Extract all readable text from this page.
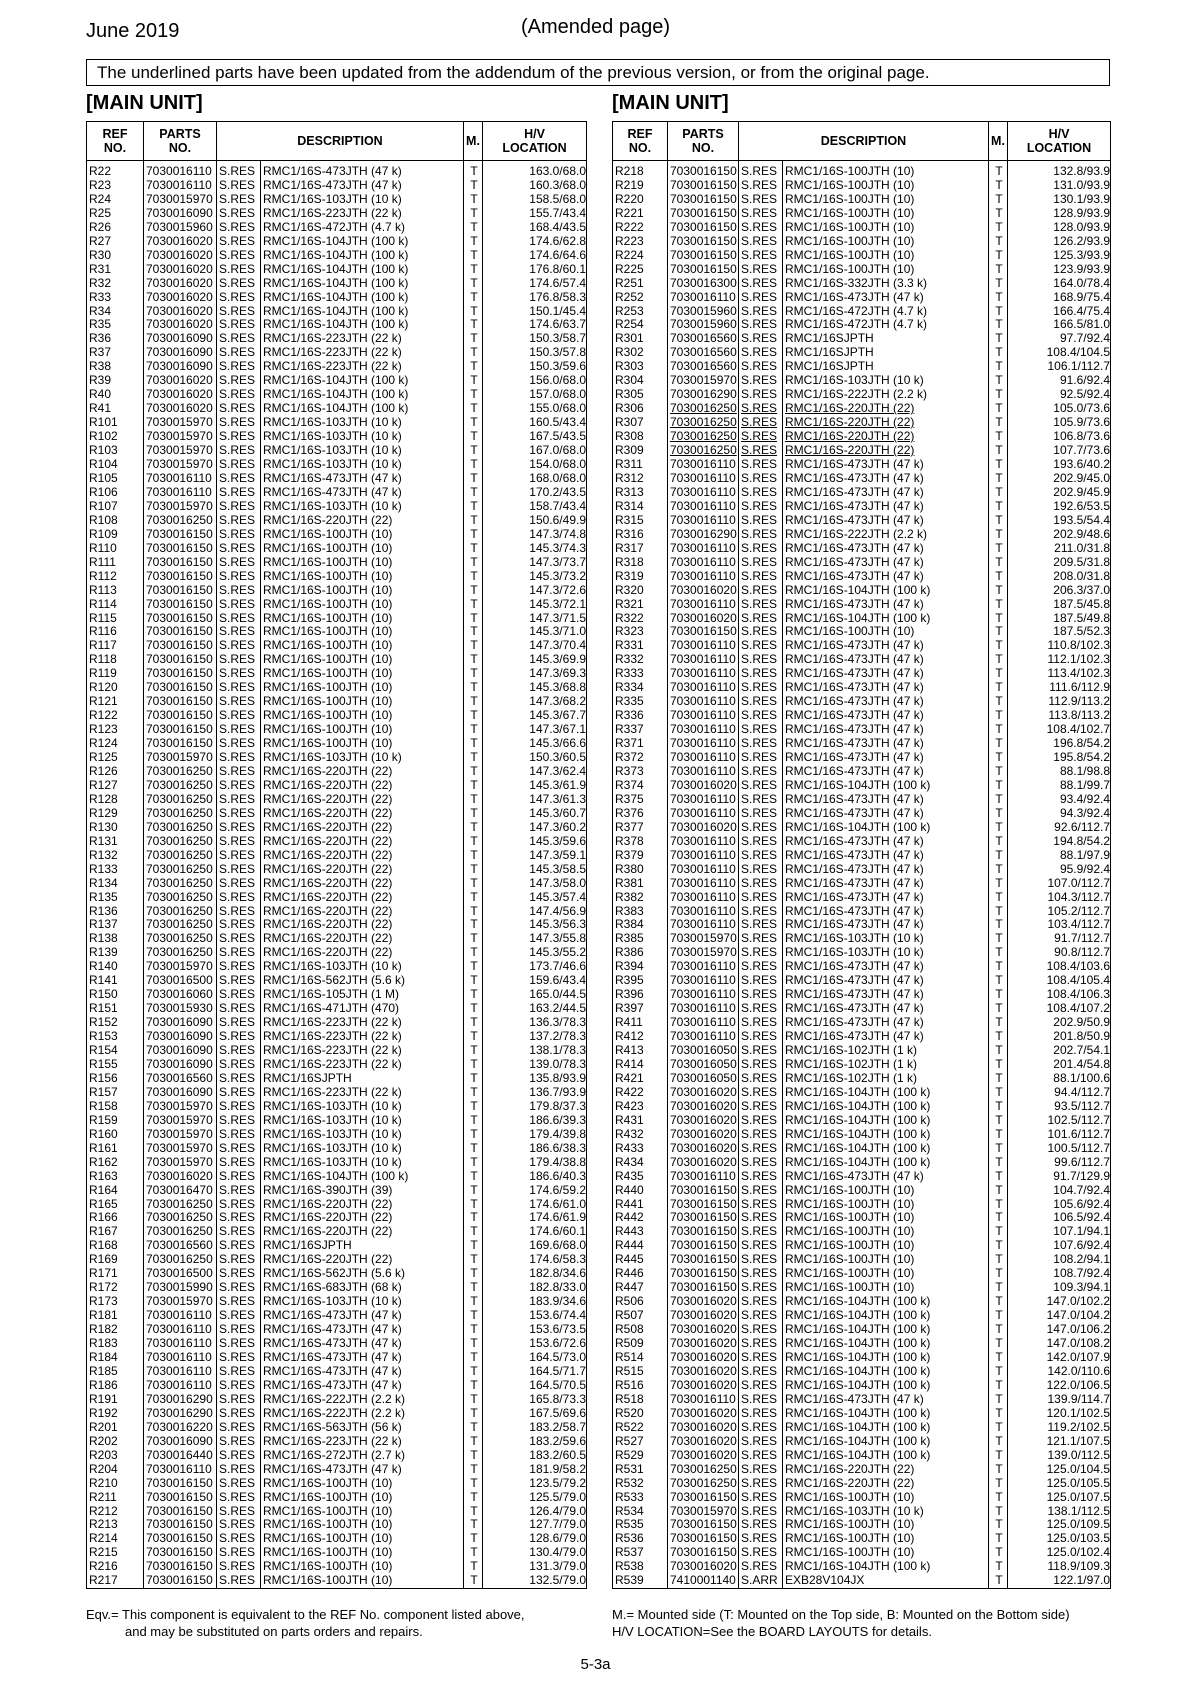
June 2019	(Amended page)
The underlined parts have been updated from the addendum of the previous version, or from the original page.
[MAIN UNIT]	[MAIN UNIT]
REF
NO.	PARTS
NO.	DESCRIPTION		M.	H/V
LOCATION
R22	7030016110	S.RES	RMC1/16S-473JTH (47 k)	T	163.0/68.0
R23	7030016110	S.RES	RMC1/16S-473JTH (47 k)	T	160.3/68.0
R24	7030015970	S.RES	RMC1/16S-103JTH (10 k)	T	158.5/68.0
R25	7030016090	S.RES	RMC1/16S-223JTH (22 k)	T	155.7/43.4
R26	7030015960	S.RES	RMC1/16S-472JTH (4.7 k)	T	168.4/43.5
R27	7030016020	S.RES	RMC1/16S-104JTH (100 k)	T	174.6/62.8
R30	7030016020	S.RES	RMC1/16S-104JTH (100 k)	T	174.6/64.6
R31	7030016020	S.RES	RMC1/16S-104JTH (100 k)	T	176.8/60.1
R32	7030016020	S.RES	RMC1/16S-104JTH (100 k)	T	174.6/57.4
R33	7030016020	S.RES	RMC1/16S-104JTH (100 k)	T	176.8/58.3
R34	7030016020	S.RES	RMC1/16S-104JTH (100 k)	T	150.1/45.4
R35	7030016020	S.RES	RMC1/16S-104JTH (100 k)	T	174.6/63.7
R36	7030016090	S.RES	RMC1/16S-223JTH (22 k)	T	150.3/58.7
R37	7030016090	S.RES	RMC1/16S-223JTH (22 k)	T	150.3/57.8
R38	7030016090	S.RES	RMC1/16S-223JTH (22 k)	T	150.3/59.6
R39	7030016020	S.RES	RMC1/16S-104JTH (100 k)	T	156.0/68.0
R40	7030016020	S.RES	RMC1/16S-104JTH (100 k)	T	157.0/68.0
R41	7030016020	S.RES	RMC1/16S-104JTH (100 k)	T	155.0/68.0
R101	7030015970	S.RES	RMC1/16S-103JTH (10 k)	T	160.5/43.4
R102	7030015970	S.RES	RMC1/16S-103JTH (10 k)	T	167.5/43.5
R103	7030015970	S.RES	RMC1/16S-103JTH (10 k)	T	167.0/68.0
R104	7030015970	S.RES	RMC1/16S-103JTH (10 k)	T	154.0/68.0
R105	7030016110	S.RES	RMC1/16S-473JTH (47 k)	T	168.0/68.0
R106	7030016110	S.RES	RMC1/16S-473JTH (47 k)	T	170.2/43.5
R107	7030015970	S.RES	RMC1/16S-103JTH (10 k)	T	158.7/43.4
R108	7030016250	S.RES	RMC1/16S-220JTH (22)	T	150.6/49.9
R109	7030016150	S.RES	RMC1/16S-100JTH (10)	T	147.3/74.8
R110	7030016150	S.RES	RMC1/16S-100JTH (10)	T	145.3/74.3
R111	7030016150	S.RES	RMC1/16S-100JTH (10)	T	147.3/73.7
R112	7030016150	S.RES	RMC1/16S-100JTH (10)	T	145.3/73.2
R113	7030016150	S.RES	RMC1/16S-100JTH (10)	T	147.3/72.6
R114	7030016150	S.RES	RMC1/16S-100JTH (10)	T	145.3/72.1
R115	7030016150	S.RES	RMC1/16S-100JTH (10)	T	147.3/71.5
R116	7030016150	S.RES	RMC1/16S-100JTH (10)	T	145.3/71.0
R117	7030016150	S.RES	RMC1/16S-100JTH (10)	T	147.3/70.4
R118	7030016150	S.RES	RMC1/16S-100JTH (10)	T	145.3/69.9
R119	7030016150	S.RES	RMC1/16S-100JTH (10)	T	147.3/69.3
R120	7030016150	S.RES	RMC1/16S-100JTH (10)	T	145.3/68.8
R121	7030016150	S.RES	RMC1/16S-100JTH (10)	T	147.3/68.2
R122	7030016150	S.RES	RMC1/16S-100JTH (10)	T	145.3/67.7
R123	7030016150	S.RES	RMC1/16S-100JTH (10)	T	147.3/67.1
R124	7030016150	S.RES	RMC1/16S-100JTH (10)	T	145.3/66.6
R125	7030015970	S.RES	RMC1/16S-103JTH (10 k)	T	150.3/60.5
R126	7030016250	S.RES	RMC1/16S-220JTH (22)	T	147.3/62.4
R127	7030016250	S.RES	RMC1/16S-220JTH (22)	T	145.3/61.9
R128	7030016250	S.RES	RMC1/16S-220JTH (22)	T	147.3/61.3
R129	7030016250	S.RES	RMC1/16S-220JTH (22)	T	145.3/60.7
R130	7030016250	S.RES	RMC1/16S-220JTH (22)	T	147.3/60.2
R131	7030016250	S.RES	RMC1/16S-220JTH (22)	T	145.3/59.6
R132	7030016250	S.RES	RMC1/16S-220JTH (22)	T	147.3/59.1
R133	7030016250	S.RES	RMC1/16S-220JTH (22)	T	145.3/58.5
R134	7030016250	S.RES	RMC1/16S-220JTH (22)	T	147.3/58.0
R135	7030016250	S.RES	RMC1/16S-220JTH (22)	T	145.3/57.4
R136	7030016250	S.RES	RMC1/16S-220JTH (22)	T	147.4/56.9
R137	7030016250	S.RES	RMC1/16S-220JTH (22)	T	145.3/56.3
R138	7030016250	S.RES	RMC1/16S-220JTH (22)	T	147.3/55.8
R139	7030016250	S.RES	RMC1/16S-220JTH (22)	T	145.3/55.2
R140	7030015970	S.RES	RMC1/16S-103JTH (10 k)	T	173.7/46.6
R141	7030016500	S.RES	RMC1/16S-562JTH (5.6 k)	T	159.6/43.4
R150	7030016060	S.RES	RMC1/16S-105JTH (1 M)	T	165.0/44.5
R151	7030015930	S.RES	RMC1/16S-471JTH (470)	T	163.2/44.5
R152	7030016090	S.RES	RMC1/16S-223JTH (22 k)	T	136.3/78.3
R153	7030016090	S.RES	RMC1/16S-223JTH (22 k)	T	137.2/78.3
R154	7030016090	S.RES	RMC1/16S-223JTH (22 k)	T	138.1/78.3
R155	7030016090	S.RES	RMC1/16S-223JTH (22 k)	T	139.0/78.3
R156	7030016560	S.RES	RMC1/16SJPTH	T	135.8/93.9
R157	7030016090	S.RES	RMC1/16S-223JTH (22 k)	T	136.7/93.9
R158	7030015970	S.RES	RMC1/16S-103JTH (10 k)	T	179.8/37.3
R159	7030015970	S.RES	RMC1/16S-103JTH (10 k)	T	186.6/39.3
R160	7030015970	S.RES	RMC1/16S-103JTH (10 k)	T	179.4/39.8
R161	7030015970	S.RES	RMC1/16S-103JTH (10 k)	T	186.6/38.3
R162	7030015970	S.RES	RMC1/16S-103JTH (10 k)	T	179.4/38.8
R163	7030016020	S.RES	RMC1/16S-104JTH (100 k)	T	186.6/40.3
R164	7030016470	S.RES	RMC1/16S-390JTH (39)	T	174.6/59.2
R165	7030016250	S.RES	RMC1/16S-220JTH (22)	T	174.6/61.0
R166	7030016250	S.RES	RMC1/16S-220JTH (22)	T	174.6/61.9
R167	7030016250	S.RES	RMC1/16S-220JTH (22)	T	174.6/60.1
R168	7030016560	S.RES	RMC1/16SJPTH	T	169.6/68.0
R169	7030016250	S.RES	RMC1/16S-220JTH (22)	T	174.6/58.3
R171	7030016500	S.RES	RMC1/16S-562JTH (5.6 k)	T	182.8/34.6
R172	7030015990	S.RES	RMC1/16S-683JTH (68 k)	T	182.8/33.0
R173	7030015970	S.RES	RMC1/16S-103JTH (10 k)	T	183.9/34.6
R181	7030016110	S.RES	RMC1/16S-473JTH (47 k)	T	153.6/74.4
R182	7030016110	S.RES	RMC1/16S-473JTH (47 k)	T	153.6/73.5
R183	7030016110	S.RES	RMC1/16S-473JTH (47 k)	T	153.6/72.6
R184	7030016110	S.RES	RMC1/16S-473JTH (47 k)	T	164.5/73.0
R185	7030016110	S.RES	RMC1/16S-473JTH (47 k)	T	164.5/71.7
R186	7030016110	S.RES	RMC1/16S-473JTH (47 k)	T	164.5/70.5
R191	7030016290	S.RES	RMC1/16S-222JTH (2.2 k)	T	165.8/73.3
R192	7030016290	S.RES	RMC1/16S-222JTH (2.2 k)	T	167.5/69.6
R201	7030016220	S.RES	RMC1/16S-563JTH (56 k)	T	183.2/58.7
R202	7030016090	S.RES	RMC1/16S-223JTH (22 k)	T	183.2/59.6
R203	7030016440	S.RES	RMC1/16S-272JTH (2.7 k)	T	183.2/60.5
R204	7030016110	S.RES	RMC1/16S-473JTH (47 k)	T	181.9/58.2
R210	7030016150	S.RES	RMC1/16S-100JTH (10)	T	123.5/79.2
R211	7030016150	S.RES	RMC1/16S-100JTH (10)	T	125.5/79.0
R212	7030016150	S.RES	RMC1/16S-100JTH (10)	T	126.4/79.0
R213	7030016150	S.RES	RMC1/16S-100JTH (10)	T	127.7/79.0
R214	7030016150	S.RES	RMC1/16S-100JTH (10)	T	128.6/79.0
R215	7030016150	S.RES	RMC1/16S-100JTH (10)	T	130.4/79.0
R216	7030016150	S.RES	RMC1/16S-100JTH (10)	T	131.3/79.0
R217	7030016150	S.RES	RMC1/16S-100JTH (10)	T	132.5/79.0
REF
NO.	PARTS
NO.	DESCRIPTION		M.	H/V
LOCATION
R218	7030016150	S.RES	RMC1/16S-100JTH (10)	T	132.8/93.9
R219	7030016150	S.RES	RMC1/16S-100JTH (10)	T	131.0/93.9
R220	7030016150	S.RES	RMC1/16S-100JTH (10)	T	130.1/93.9
R221	7030016150	S.RES	RMC1/16S-100JTH (10)	T	128.9/93.9
R222	7030016150	S.RES	RMC1/16S-100JTH (10)	T	128.0/93.9
R223	7030016150	S.RES	RMC1/16S-100JTH (10)	T	126.2/93.9
R224	7030016150	S.RES	RMC1/16S-100JTH (10)	T	125.3/93.9
R225	7030016150	S.RES	RMC1/16S-100JTH (10)	T	123.9/93.9
R251	7030016300	S.RES	RMC1/16S-332JTH (3.3 k)	T	164.0/78.4
R252	7030016110	S.RES	RMC1/16S-473JTH (47 k)	T	168.9/75.4
R253	7030015960	S.RES	RMC1/16S-472JTH (4.7 k)	T	166.4/75.4
R254	7030015960	S.RES	RMC1/16S-472JTH (4.7 k)	T	166.5/81.0
R301	7030016560	S.RES	RMC1/16SJPTH	T	97.7/92.4
R302	7030016560	S.RES	RMC1/16SJPTH	T	108.4/104.5
R303	7030016560	S.RES	RMC1/16SJPTH	T	106.1/112.7
R304	7030015970	S.RES	RMC1/16S-103JTH (10 k)	T	91.6/92.4
R305	7030016290	S.RES	RMC1/16S-222JTH (2.2 k)	T	92.5/92.4
R306	7030016250	S.RES	RMC1/16S-220JTH (22)	T	105.0/73.6
R307	7030016250	S.RES	RMC1/16S-220JTH (22)	T	105.9/73.6
R308	7030016250	S.RES	RMC1/16S-220JTH (22)	T	106.8/73.6
R309	7030016250	S.RES	RMC1/16S-220JTH (22)	T	107.7/73.6
R311	7030016110	S.RES	RMC1/16S-473JTH (47 k)	T	193.6/40.2
R312	7030016110	S.RES	RMC1/16S-473JTH (47 k)	T	202.9/45.0
R313	7030016110	S.RES	RMC1/16S-473JTH (47 k)	T	202.9/45.9
R314	7030016110	S.RES	RMC1/16S-473JTH (47 k)	T	192.6/53.5
R315	7030016110	S.RES	RMC1/16S-473JTH (47 k)	T	193.5/54.4
R316	7030016290	S.RES	RMC1/16S-222JTH (2.2 k)	T	202.9/48.6
R317	7030016110	S.RES	RMC1/16S-473JTH (47 k)	T	211.0/31.8
R318	7030016110	S.RES	RMC1/16S-473JTH (47 k)	T	209.5/31.8
R319	7030016110	S.RES	RMC1/16S-473JTH (47 k)	T	208.0/31.8
R320	7030016020	S.RES	RMC1/16S-104JTH (100 k)	T	206.3/37.0
R321	7030016110	S.RES	RMC1/16S-473JTH (47 k)	T	187.5/45.8
R322	7030016020	S.RES	RMC1/16S-104JTH (100 k)	T	187.5/49.8
R323	7030016150	S.RES	RMC1/16S-100JTH (10)	T	187.5/52.3
R331	7030016110	S.RES	RMC1/16S-473JTH (47 k)	T	110.8/102.3
R332	7030016110	S.RES	RMC1/16S-473JTH (47 k)	T	112.1/102.3
R333	7030016110	S.RES	RMC1/16S-473JTH (47 k)	T	113.4/102.3
R334	7030016110	S.RES	RMC1/16S-473JTH (47 k)	T	111.6/112.9
R335	7030016110	S.RES	RMC1/16S-473JTH (47 k)	T	112.9/113.2
R336	7030016110	S.RES	RMC1/16S-473JTH (47 k)	T	113.8/113.2
R337	7030016110	S.RES	RMC1/16S-473JTH (47 k)	T	108.4/102.7
R371	7030016110	S.RES	RMC1/16S-473JTH (47 k)	T	196.8/54.2
R372	7030016110	S.RES	RMC1/16S-473JTH (47 k)	T	195.8/54.2
R373	7030016110	S.RES	RMC1/16S-473JTH (47 k)	T	88.1/98.8
R374	7030016020	S.RES	RMC1/16S-104JTH (100 k)	T	88.1/99.7
R375	7030016110	S.RES	RMC1/16S-473JTH (47 k)	T	93.4/92.4
R376	7030016110	S.RES	RMC1/16S-473JTH (47 k)	T	94.3/92.4
R377	7030016020	S.RES	RMC1/16S-104JTH (100 k)	T	92.6/112.7
R378	7030016110	S.RES	RMC1/16S-473JTH (47 k)	T	194.8/54.2
R379	7030016110	S.RES	RMC1/16S-473JTH (47 k)	T	88.1/97.9
R380	7030016110	S.RES	RMC1/16S-473JTH (47 k)	T	95.9/92.4
R381	7030016110	S.RES	RMC1/16S-473JTH (47 k)	T	107.0/112.7
R382	7030016110	S.RES	RMC1/16S-473JTH (47 k)	T	104.3/112.7
R383	7030016110	S.RES	RMC1/16S-473JTH (47 k)	T	105.2/112.7
R384	7030016110	S.RES	RMC1/16S-473JTH (47 k)	T	103.4/112.7
R385	7030015970	S.RES	RMC1/16S-103JTH (10 k)	T	91.7/112.7
R386	7030015970	S.RES	RMC1/16S-103JTH (10 k)	T	90.8/112.7
R394	7030016110	S.RES	RMC1/16S-473JTH (47 k)	T	108.4/103.6
R395	7030016110	S.RES	RMC1/16S-473JTH (47 k)	T	108.4/105.4
R396	7030016110	S.RES	RMC1/16S-473JTH (47 k)	T	108.4/106.3
R397	7030016110	S.RES	RMC1/16S-473JTH (47 k)	T	108.4/107.2
R411	7030016110	S.RES	RMC1/16S-473JTH (47 k)	T	202.9/50.9
R412	7030016110	S.RES	RMC1/16S-473JTH (47 k)	T	201.8/50.9
R413	7030016050	S.RES	RMC1/16S-102JTH (1 k)	T	202.7/54.1
R414	7030016050	S.RES	RMC1/16S-102JTH (1 k)	T	201.4/54.8
R421	7030016050	S.RES	RMC1/16S-102JTH (1 k)	T	88.1/100.6
R422	7030016020	S.RES	RMC1/16S-104JTH (100 k)	T	94.4/112.7
R423	7030016020	S.RES	RMC1/16S-104JTH (100 k)	T	93.5/112.7
R431	7030016020	S.RES	RMC1/16S-104JTH (100 k)	T	102.5/112.7
R432	7030016020	S.RES	RMC1/16S-104JTH (100 k)	T	101.6/112.7
R433	7030016020	S.RES	RMC1/16S-104JTH (100 k)	T	100.5/112.7
R434	7030016020	S.RES	RMC1/16S-104JTH (100 k)	T	99.6/112.7
R435	7030016110	S.RES	RMC1/16S-473JTH (47 k)	T	91.7/129.9
R440	7030016150	S.RES	RMC1/16S-100JTH (10)	T	104.7/92.4
R441	7030016150	S.RES	RMC1/16S-100JTH (10)	T	105.6/92.4
R442	7030016150	S.RES	RMC1/16S-100JTH (10)	T	106.5/92.4
R443	7030016150	S.RES	RMC1/16S-100JTH (10)	T	107.1/94.1
R444	7030016150	S.RES	RMC1/16S-100JTH (10)	T	107.6/92.4
R445	7030016150	S.RES	RMC1/16S-100JTH (10)	T	108.2/94.1
R446	7030016150	S.RES	RMC1/16S-100JTH (10)	T	108.7/92.4
R447	7030016150	S.RES	RMC1/16S-100JTH (10)	T	109.3/94.1
R506	7030016020	S.RES	RMC1/16S-104JTH (100 k)	T	147.0/102.2
R507	7030016020	S.RES	RMC1/16S-104JTH (100 k)	T	147.0/104.2
R508	7030016020	S.RES	RMC1/16S-104JTH (100 k)	T	147.0/106.2
R509	7030016020	S.RES	RMC1/16S-104JTH (100 k)	T	147.0/108.2
R514	7030016020	S.RES	RMC1/16S-104JTH (100 k)	T	142.0/107.9
R515	7030016020	S.RES	RMC1/16S-104JTH (100 k)	T	142.0/110.6
R516	7030016020	S.RES	RMC1/16S-104JTH (100 k)	T	122.0/106.5
R518	7030016110	S.RES	RMC1/16S-473JTH (47 k)	T	139.9/114.7
R520	7030016020	S.RES	RMC1/16S-104JTH (100 k)	T	120.1/102.5
R522	7030016020	S.RES	RMC1/16S-104JTH (100 k)	T	119.2/102.5
R527	7030016020	S.RES	RMC1/16S-104JTH (100 k)	T	121.1/107.5
R529	7030016020	S.RES	RMC1/16S-104JTH (100 k)	T	139.0/112.5
R531	7030016250	S.RES	RMC1/16S-220JTH (22)	T	125.0/104.5
R532	7030016250	S.RES	RMC1/16S-220JTH (22)	T	125.0/105.5
R533	7030016150	S.RES	RMC1/16S-100JTH (10)	T	125.0/107.5
R534	7030015970	S.RES	RMC1/16S-103JTH (10 k)	T	138.1/112.5
R535	7030016150	S.RES	RMC1/16S-100JTH (10)	T	125.0/109.5
R536	7030016150	S.RES	RMC1/16S-100JTH (10)	T	125.0/103.5
R537	7030016150	S.RES	RMC1/16S-100JTH (10)	T	125.0/102.4
R538	7030016020	S.RES	RMC1/16S-104JTH (100 k)	T	118.9/109.3
R539	7410001140	S.ARR	EXB28V104JX	T	122.1/97.0
Eqv.= This component is equivalent to the REF No. component listed above,
and may be substituted on parts orders and repairs.
M.= Mounted side (T: Mounted on the Top side, B: Mounted on the Bottom side)
H/V LOCATION=See the BOARD LAYOUTS for details.
5-3a
